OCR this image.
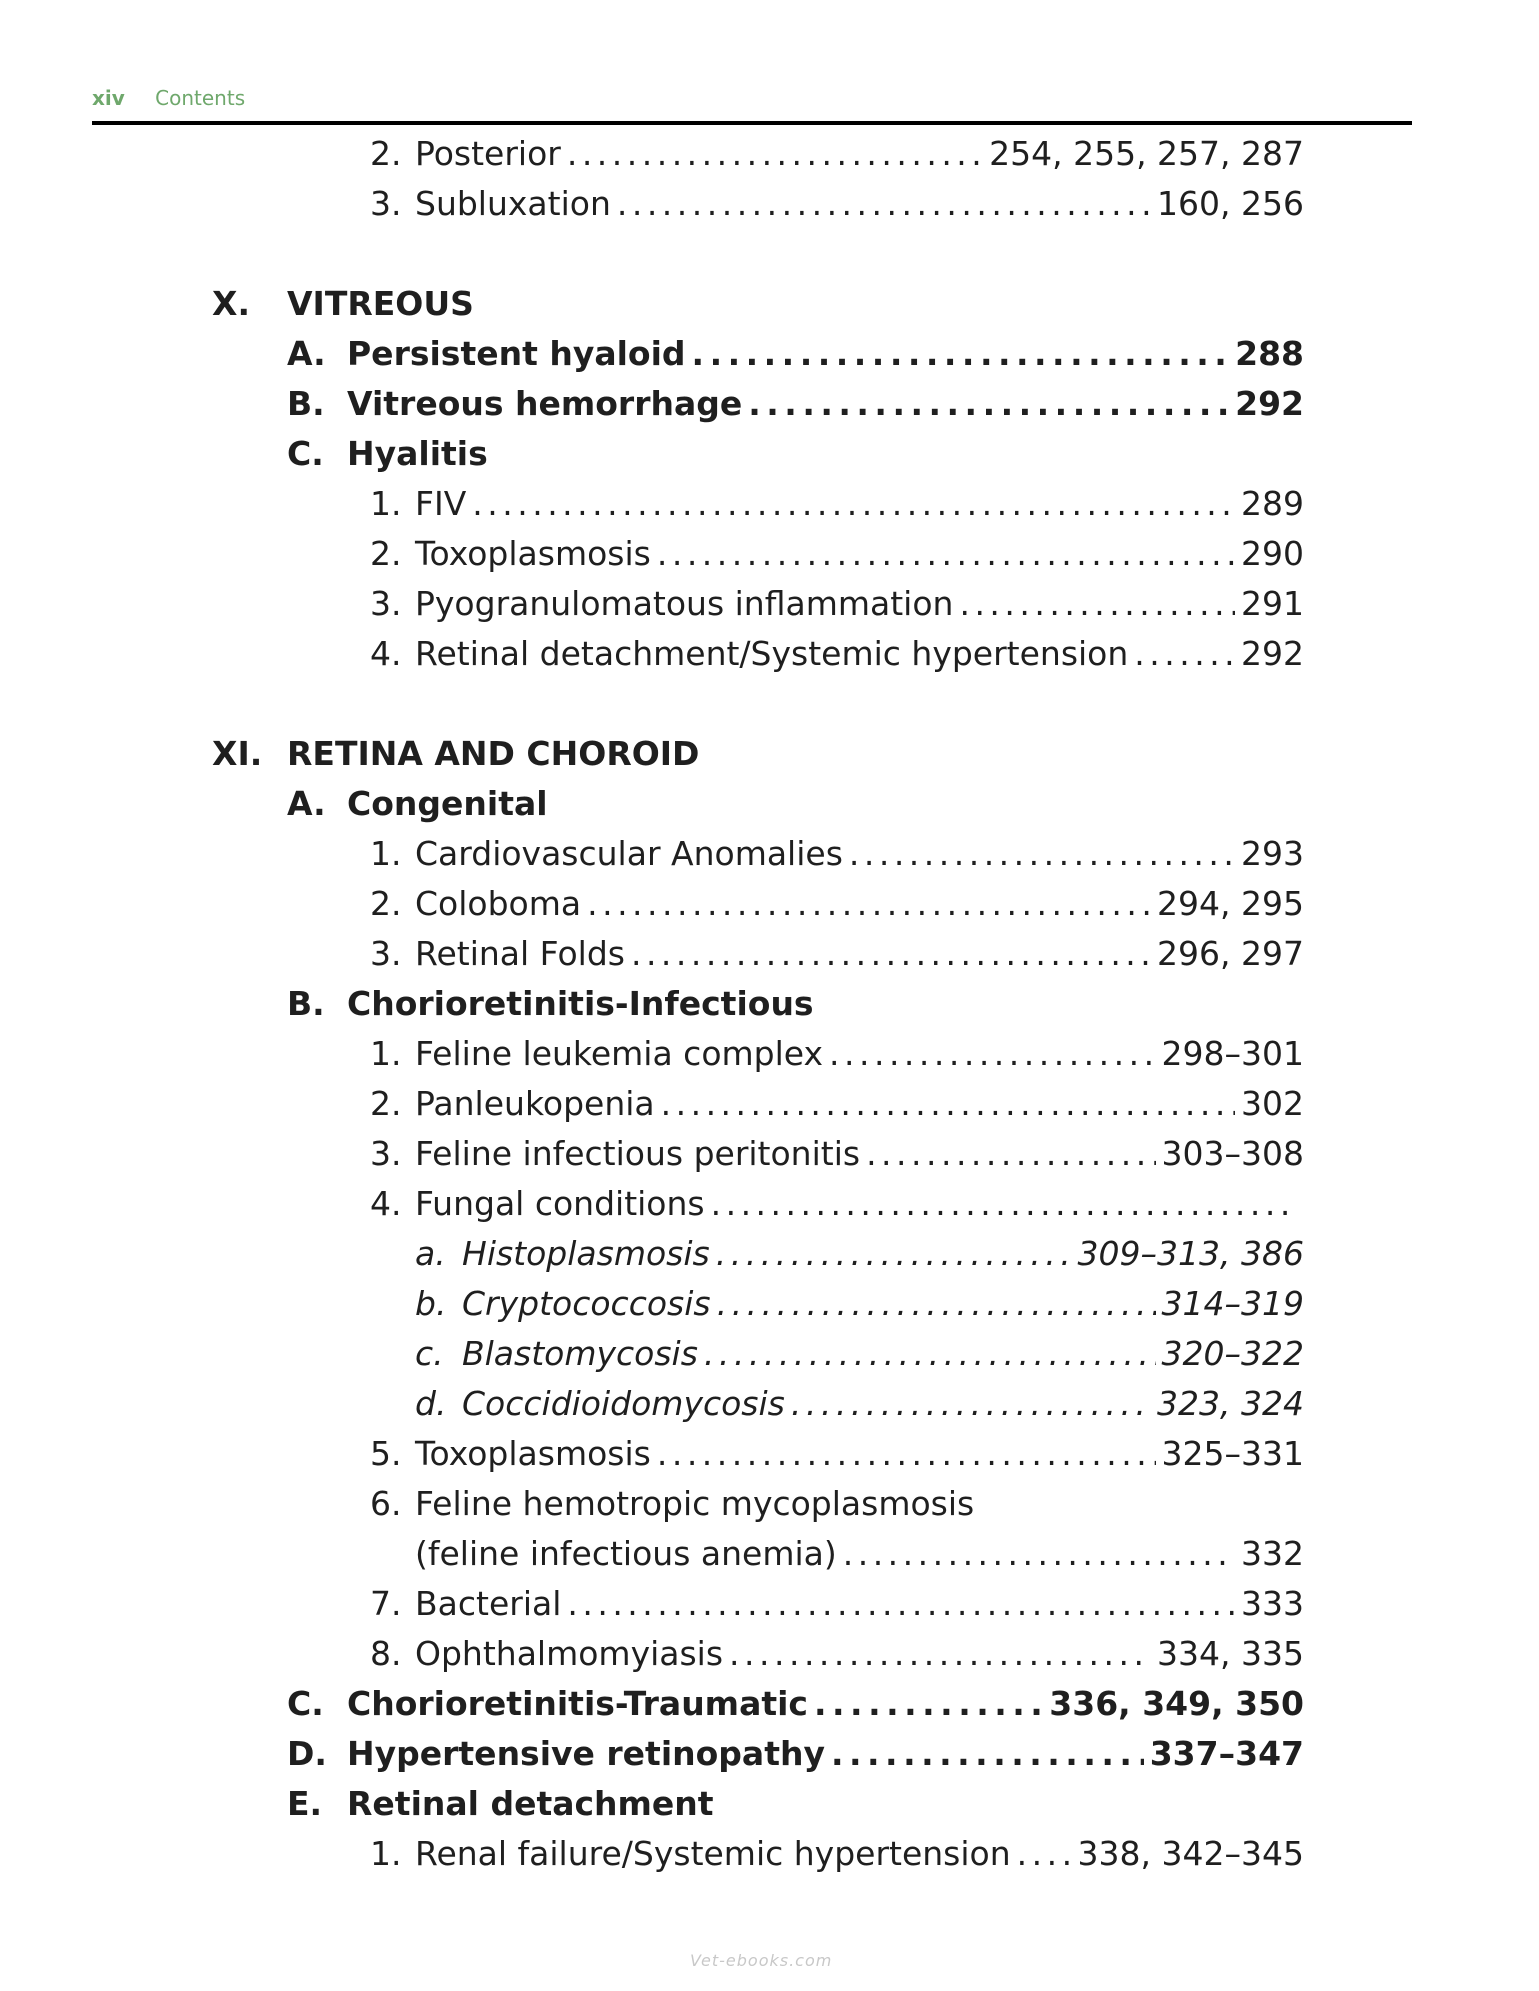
xiv Contents
2. Posterior . . .	254, 255, 257, 287
3. Subluxation . . .	160, 256
X.	VITREOUS
A. Persistent hyaloid . . .	288
B. Vitreous hemorrhage . . .	292
C. Hyalitis
1. FIV . . .	289
2. Toxoplasmosis . . .	290
3. Pyogranulomatous inflammation . . .	291
4. Retinal detachment/Systemic hypertension . . .	292
XI. RETINA AND CHOROID
A. Congenital
1. Cardiovascular Anomalies . . .	293
2. Coloboma . . .	294, 295
3. Retinal Folds . . .	296, 297
B. Chorioretinitis-Infectious
1. Feline leukemia complex . . .	298–301
2. Panleukopenia . . .	302
3. Feline infectious peritonitis . . .	303–308
4. Fungal conditions
. . .
a. Histoplasmosis . . .	309–313, 386
b. Cryptococcosis . . .	314–319
c. Blastomycosis . . .	320–322
d. Coccidioidomycosis . . .	323, 324
5. Toxoplasmosis . . .	325–331
6. Feline hemotropic mycoplasmosis
(feline infectious anemia) . . .	332
7. Bacterial . . .	333
8. Ophthalmomyiasis . . .	334, 335
C. Chorioretinitis-Traumatic . . .	336, 349, 350
D. Hypertensive retinopathy . . .	337–347
E. Retinal detachment
1. Renal failure/Systemic hypertension . . . 338, 342–345
Vet-ebooks.com
